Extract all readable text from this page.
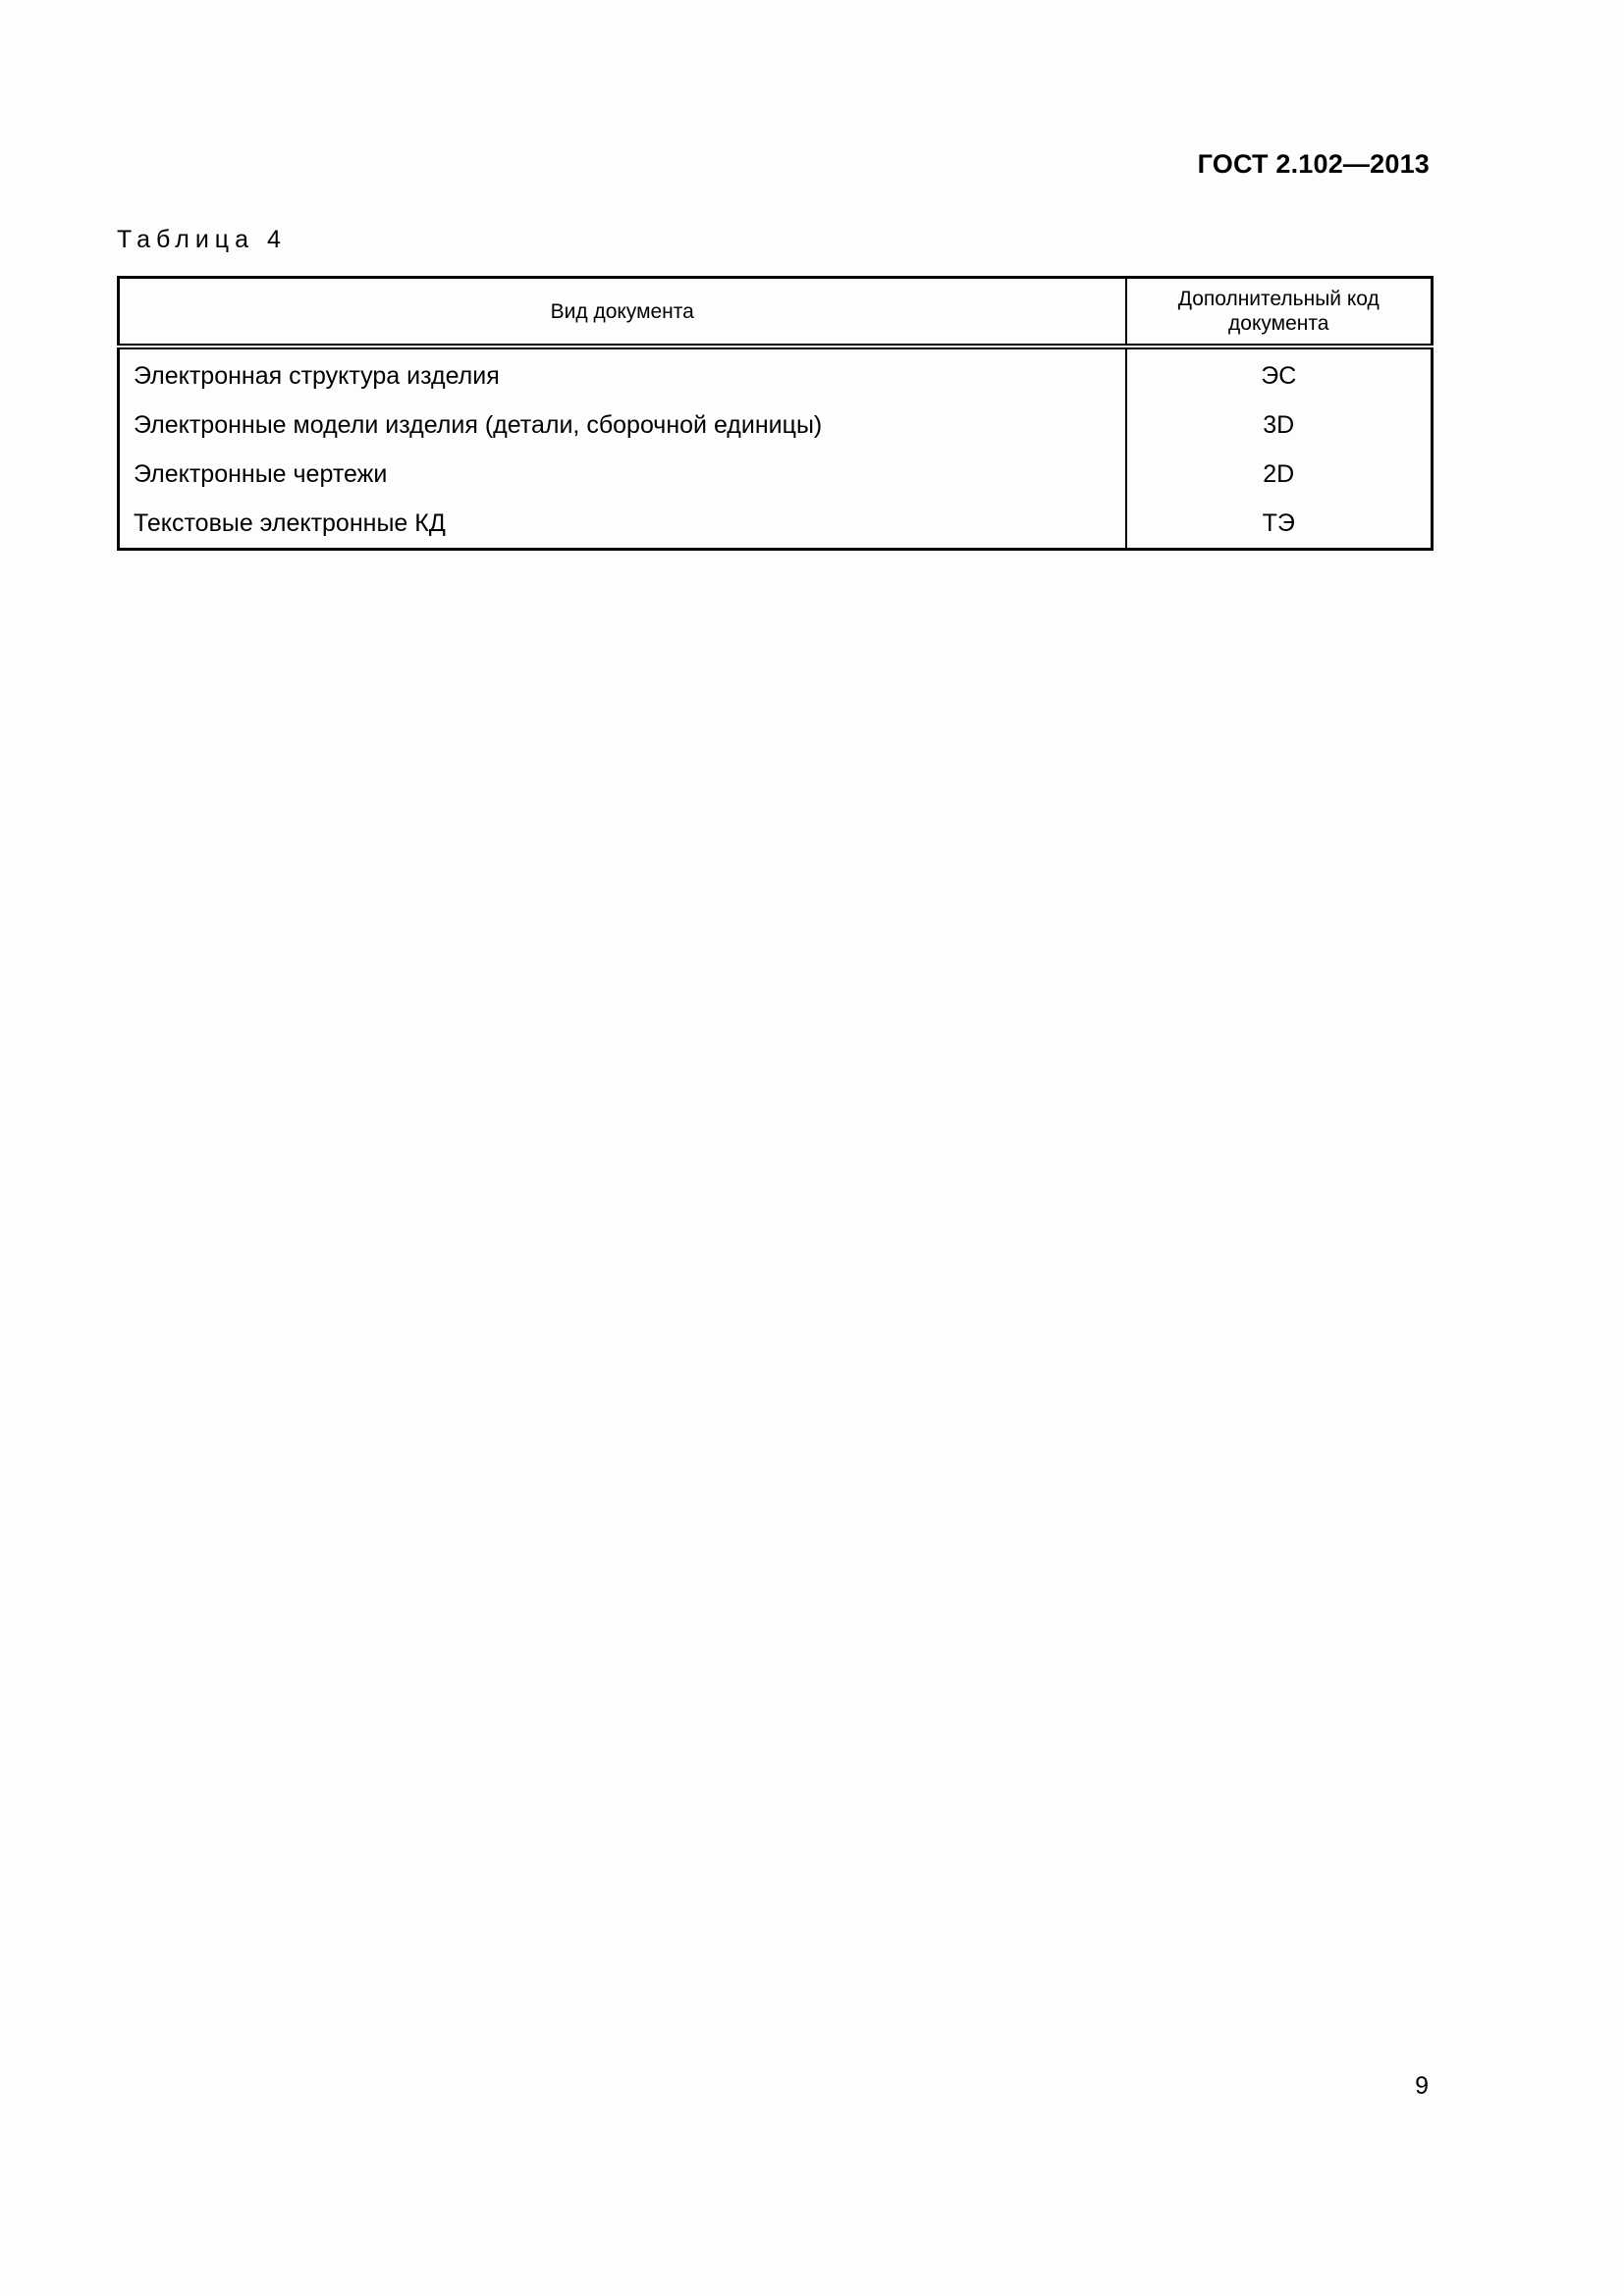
ГОСТ 2.102—2013
Таблица 4
Вид документа	Дополнительный код документа
Электронная структура изделия	ЭС
Электронные модели изделия (детали, сборочной единицы)	3D
Электронные чертежи	2D
Текстовые электронные КД	ТЭ
9
